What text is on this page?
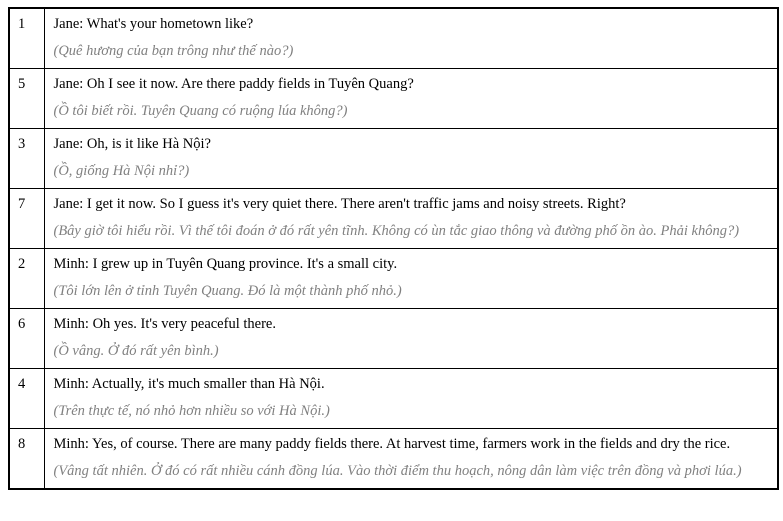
1	Jane: What's your hometown like?

(Quê hương của bạn trông như thế nào?)

5	Jane: Oh I see it now. Are there paddy fields in Tuyên Quang?

(Ồ tôi biết rồi. Tuyên Quang có ruộng lúa không?)

3	Jane: Oh, is it like Hà Nội?

(Ồ, giống Hà Nội nhỉ?)

7	Jane: I get it now. So I guess it's very quiet there. There aren't traffic jams and noisy streets. Right?

(Bây giờ tôi hiểu rồi. Vì thế tôi đoán ở đó rất yên tĩnh. Không có ùn tắc giao thông và đường phố ồn ào. Phải không?)

2	Minh: I grew up in Tuyên Quang province. It's a small city.

(Tôi lớn lên ở tỉnh Tuyên Quang. Đó là một thành phố nhỏ.)

6	Minh: Oh yes. It's very peaceful there.

(Ồ vâng. Ở đó rất yên bình.)

4	Minh: Actually, it's much smaller than Hà Nội.

(Trên thực tế, nó nhỏ hơn nhiều so với Hà Nội.)

8	Minh: Yes, of course. There are many paddy fields there. At harvest time, farmers work in the fields and dry the rice.

(Vâng tất nhiên. Ở đó có rất nhiều cánh đồng lúa. Vào thời điểm thu hoạch, nông dân làm việc trên đồng và phơi lúa.)
